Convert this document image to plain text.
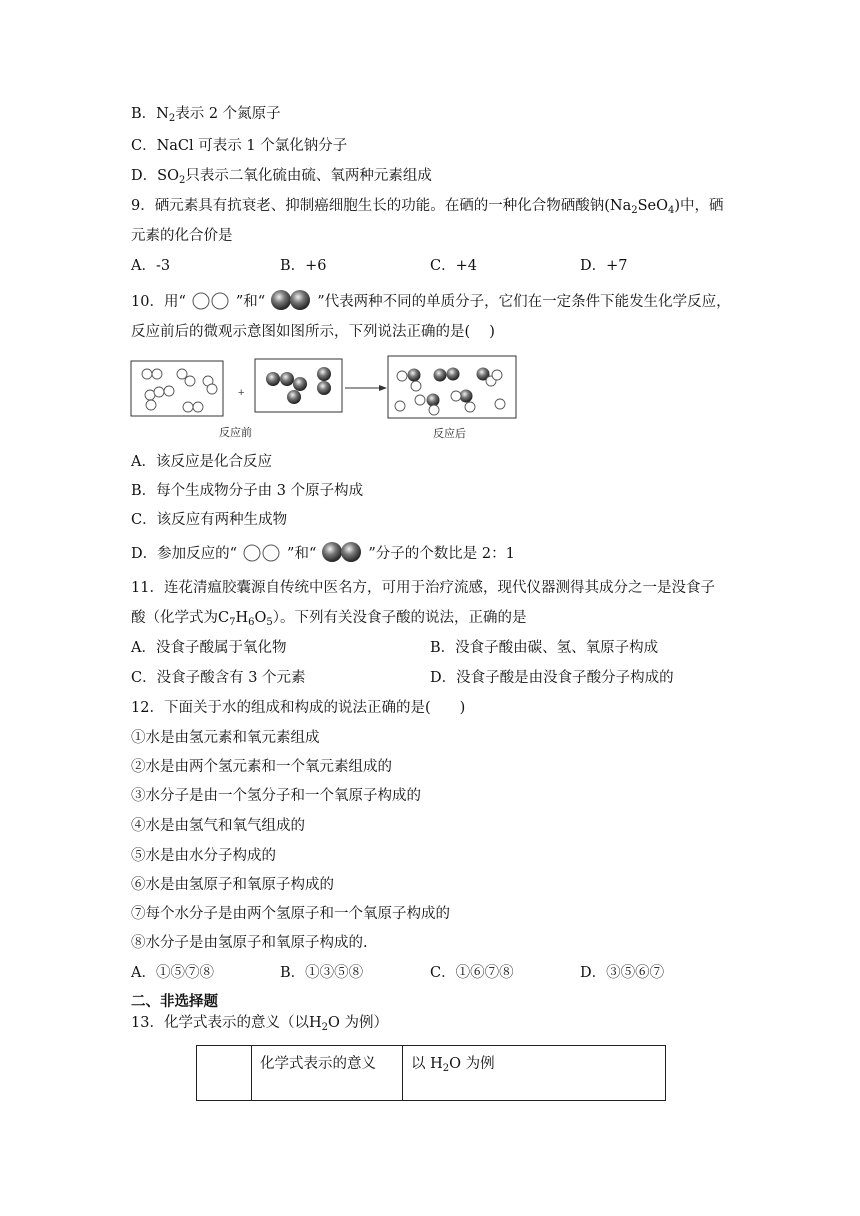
B．$N_2$表示 2 个氮原子
C．NaCl 可表示 1 个氯化钠分子
D．$SO_2$只表示二氧化硫由硫、氧两种元素组成
9．硒元素具有抗衰老、抑制癌细胞生长的功能。在硒的一种化合物硒酸钠$(Na_2SeO_4)$中，硒
元素的化合价是
A．-3	B．+6	C．+4	D．+7
10．用“	”和“	”代表两种不同的单质分子，它们在一定条件下能发生化学反应，
反应前后的微观示意图如图所示，下列说法正确的是(　 )
+
反应前	反应后
A．该反应是化合反应
B．每个生成物分子由 3 个原子构成
C．该反应有两种生成物
D．参加反应的“	”和“	”分子的个数比是 2：1
11．连花清瘟胶囊源自传统中医名方，可用于治疗流感，现代仪器测得其成分之一是没食子
酸（化学式为$C_7H_6O_5$）。下列有关没食子酸的说法，正确的是
A．没食子酸属于氧化物	B．没食子酸由碳、氢、氧原子构成
C．没食子酸含有 3 个元素	D．没食子酸是由没食子酸分子构成的
12．下面关于水的组成和构成的说法正确的是(　　)
①水是由氢元素和氧元素组成
②水是由两个氢元素和一个氧元素组成的
③水分子是由一个氢分子和一个氧原子构成的
④水是由氢气和氧气组成的
⑤水是由水分子构成的
⑥水是由氢原子和氧原子构成的
⑦每个水分子是由两个氢原子和一个氧原子构成的
⑧水分子是由氢原子和氧原子构成的.
A．①⑤⑦⑧	B．①③⑤⑧	C．①⑥⑦⑧	D．③⑤⑥⑦
二、非选择题
13．化学式表示的意义（以$H_2O$ 为例）
	化学式表示的意义	以 $H_2O$ 为例
